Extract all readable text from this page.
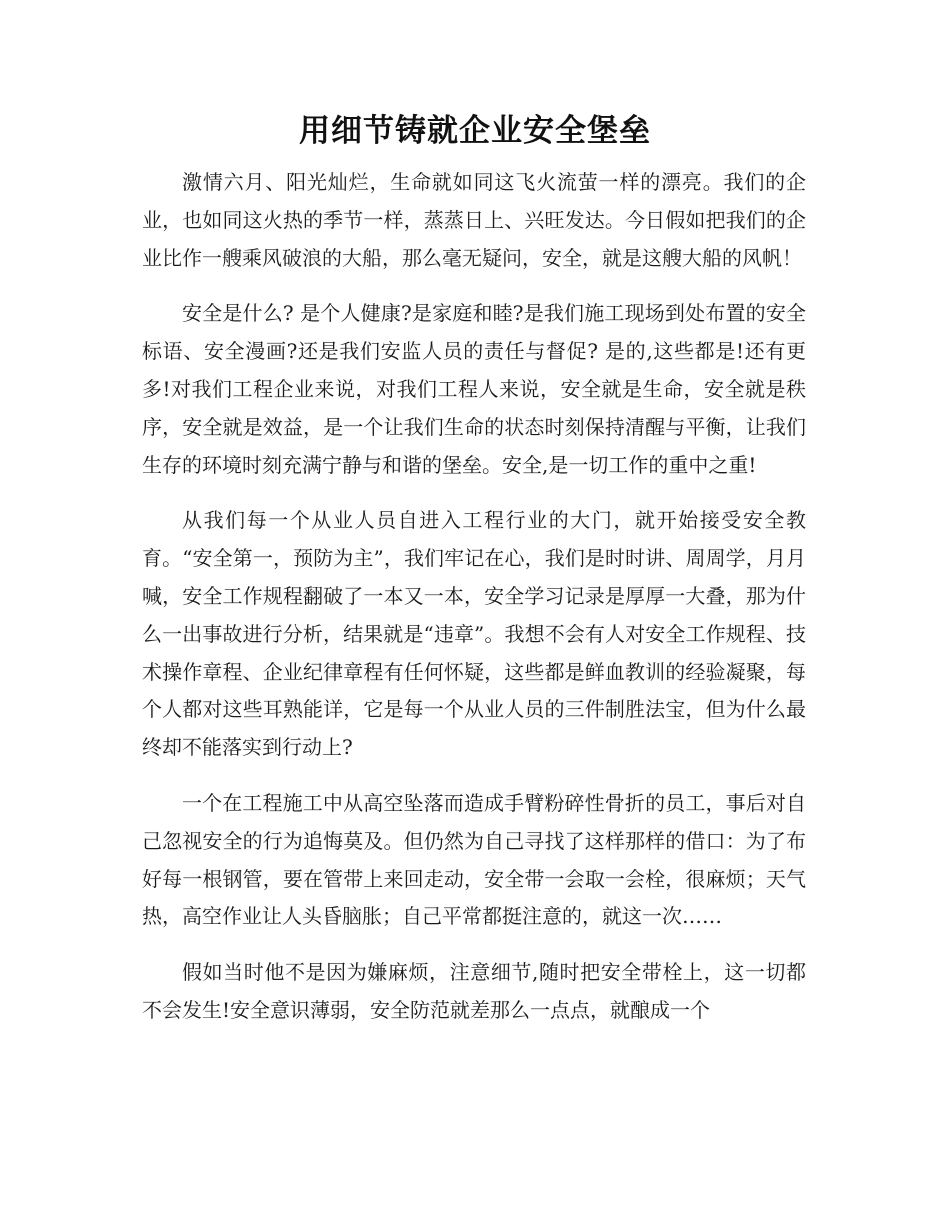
用细节铸就企业安全堡垒

激情六月、阳光灿烂，生命就如同这飞火流萤一样的漂亮。我们的企业，也如同这火热的季节一样，蒸蒸日上、兴旺发达。今日假如把我们的企业比作一艘乘风破浪的大船，那么毫无疑问，安全，就是这艘大船的风帆！

安全是什么? 是个人健康?是家庭和睦?是我们施工现场到处布置的安全标语、安全漫画?还是我们安监人员的责任与督促? 是的,这些都是!还有更多!对我们工程企业来说，对我们工程人来说，安全就是生命，安全就是秩序，安全就是效益，是一个让我们生命的状态时刻保持清醒与平衡，让我们生存的环境时刻充满宁静与和谐的堡垒。安全,是一切工作的重中之重!

从我们每一个从业人员自进入工程行业的大门，就开始接受安全教育。“安全第一，预防为主”，我们牢记在心，我们是时时讲、周周学，月月喊，安全工作规程翻破了一本又一本，安全学习记录是厚厚一大叠，那为什么一出事故进行分析，结果就是“违章”。我想不会有人对安全工作规程、技术操作章程、企业纪律章程有任何怀疑，这些都是鲜血教训的经验凝聚，每个人都对这些耳熟能详，它是每一个从业人员的三件制胜法宝，但为什么最终却不能落实到行动上?

一个在工程施工中从高空坠落而造成手臂粉碎性骨折的员工，事后对自己忽视安全的行为追悔莫及。但仍然为自己寻找了这样那样的借口：为了布好每一根钢管，要在管带上来回走动，安全带一会取一会栓，很麻烦；天气热，高空作业让人头昏脑胀；自己平常都挺注意的，就这一次……

假如当时他不是因为嫌麻烦，注意细节,随时把安全带栓上，这一切都不会发生!安全意识薄弱，安全防范就差那么一点点，就酿成一个
